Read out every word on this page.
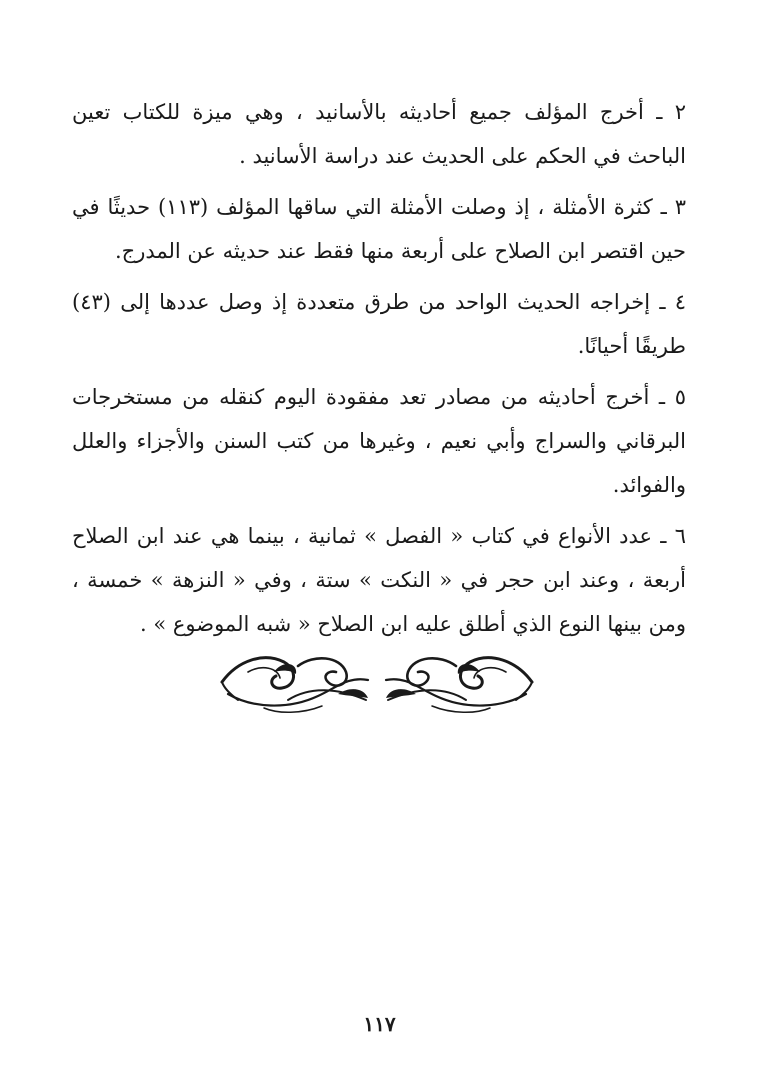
٢ ـ أخرج المؤلف جميع أحاديثه بالأسانيد ، وهي ميزة للكتاب تعين الباحث في الحكم على الحديث عند دراسة الأسانيد .

٣ ـ كثرة الأمثلة ، إذ وصلت الأمثلة التي ساقها المؤلف (١١٣) حديثًا في حين اقتصر ابن الصلاح على أربعة منها فقط عند حديثه عن المدرج.

٤ ـ إخراجه الحديث الواحد من طرق متعددة إذ وصل عددها إلى (٤٣) طريقًا أحيانًا.

٥ ـ أخرج أحاديثه من مصادر تعد مفقودة اليوم كنقله من مستخرجات البرقاني والسراج وأبي نعيم ، وغيرها من كتب السنن والأجزاء والعلل والفوائد.

٦ ـ عدد الأنواع في كتاب « الفصل » ثمانية ، بينما هي عند ابن الصلاح أربعة ، وعند ابن حجر في « النكت » ستة ، وفي « النزهة » خمسة ، ومن بينها النوع الذي أطلق عليه ابن الصلاح « شبه الموضوع » .

١١٧
